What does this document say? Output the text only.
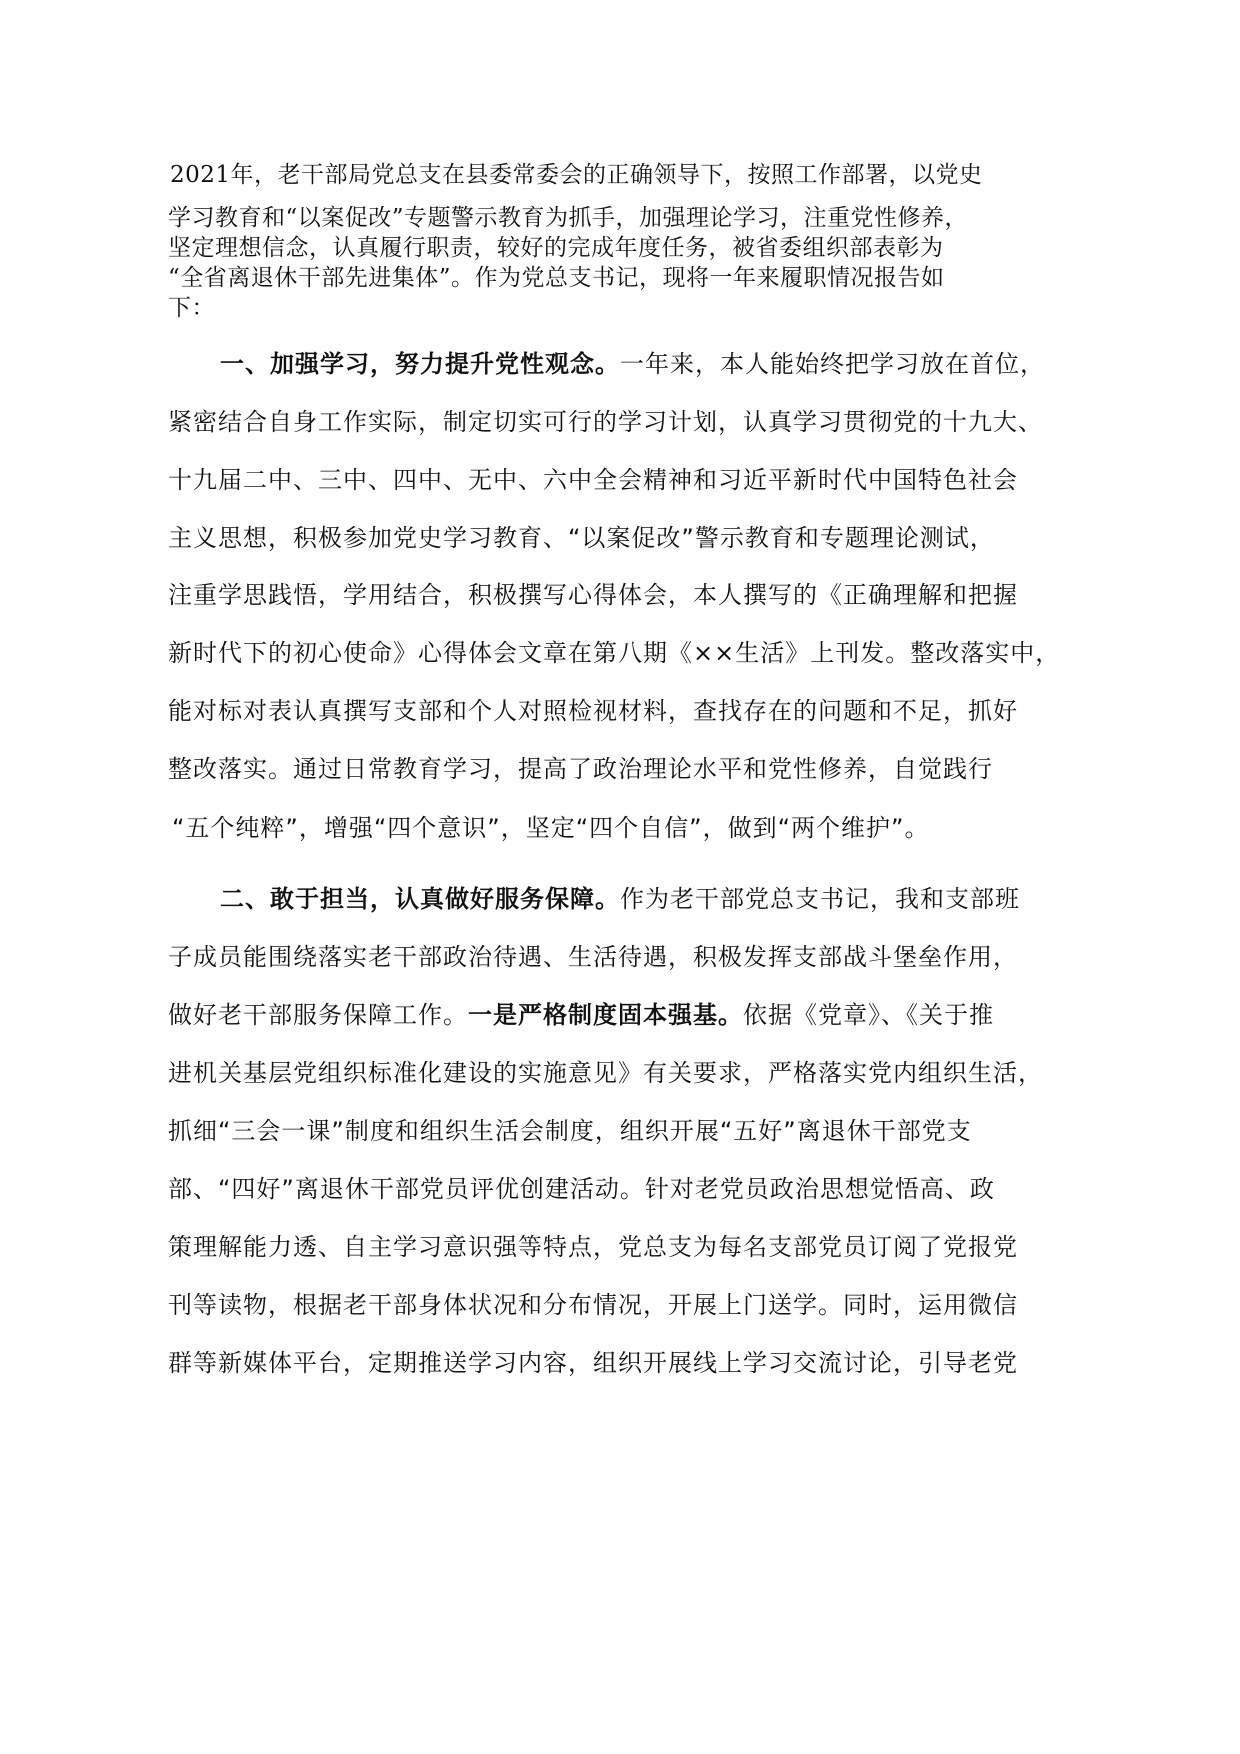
2021年，老干部局党总支在县委常委会的正确领导下，按照工作部署，以党史

学习教育和“以案促改”专题警示教育为抓手，加强理论学习，注重党性修养，

坚定理想信念，认真履行职责，较好的完成年度任务，被省委组织部表彰为

“全省离退休干部先进集体”。作为党总支书记，现将一年来履职情况报告如

下：

一、加强学习，努力提升党性观念。一年来，本人能始终把学习放在首位，

紧密结合自身工作实际，制定切实可行的学习计划，认真学习贯彻党的十九大、

十九届二中、三中、四中、无中、六中全会精神和习近平新时代中国特色社会

主义思想，积极参加党史学习教育、“以案促改”警示教育和专题理论测试，

注重学思践悟，学用结合，积极撰写心得体会，本人撰写的《正确理解和把握

新时代下的初心使命》心得体会文章在第八期《××生活》上刊发。整改落实中，

能对标对表认真撰写支部和个人对照检视材料，查找存在的问题和不足，抓好

整改落实。通过日常教育学习，提高了政治理论水平和党性修养，自觉践行

“五个纯粹”，增强“四个意识”，坚定“四个自信”，做到“两个维护”。

二、敢于担当，认真做好服务保障。作为老干部党总支书记，我和支部班

子成员能围绕落实老干部政治待遇、生活待遇，积极发挥支部战斗堡垒作用，

做好老干部服务保障工作。一是严格制度固本强基。依据《党章》、《关于推

进机关基层党组织标准化建设的实施意见》有关要求，严格落实党内组织生活，

抓细“三会一课”制度和组织生活会制度，组织开展“五好”离退休干部党支

部、“四好”离退休干部党员评优创建活动。针对老党员政治思想觉悟高、政

策理解能力透、自主学习意识强等特点，党总支为每名支部党员订阅了党报党

刊等读物，根据老干部身体状况和分布情况，开展上门送学。同时，运用微信

群等新媒体平台，定期推送学习内容，组织开展线上学习交流讨论，引导老党
